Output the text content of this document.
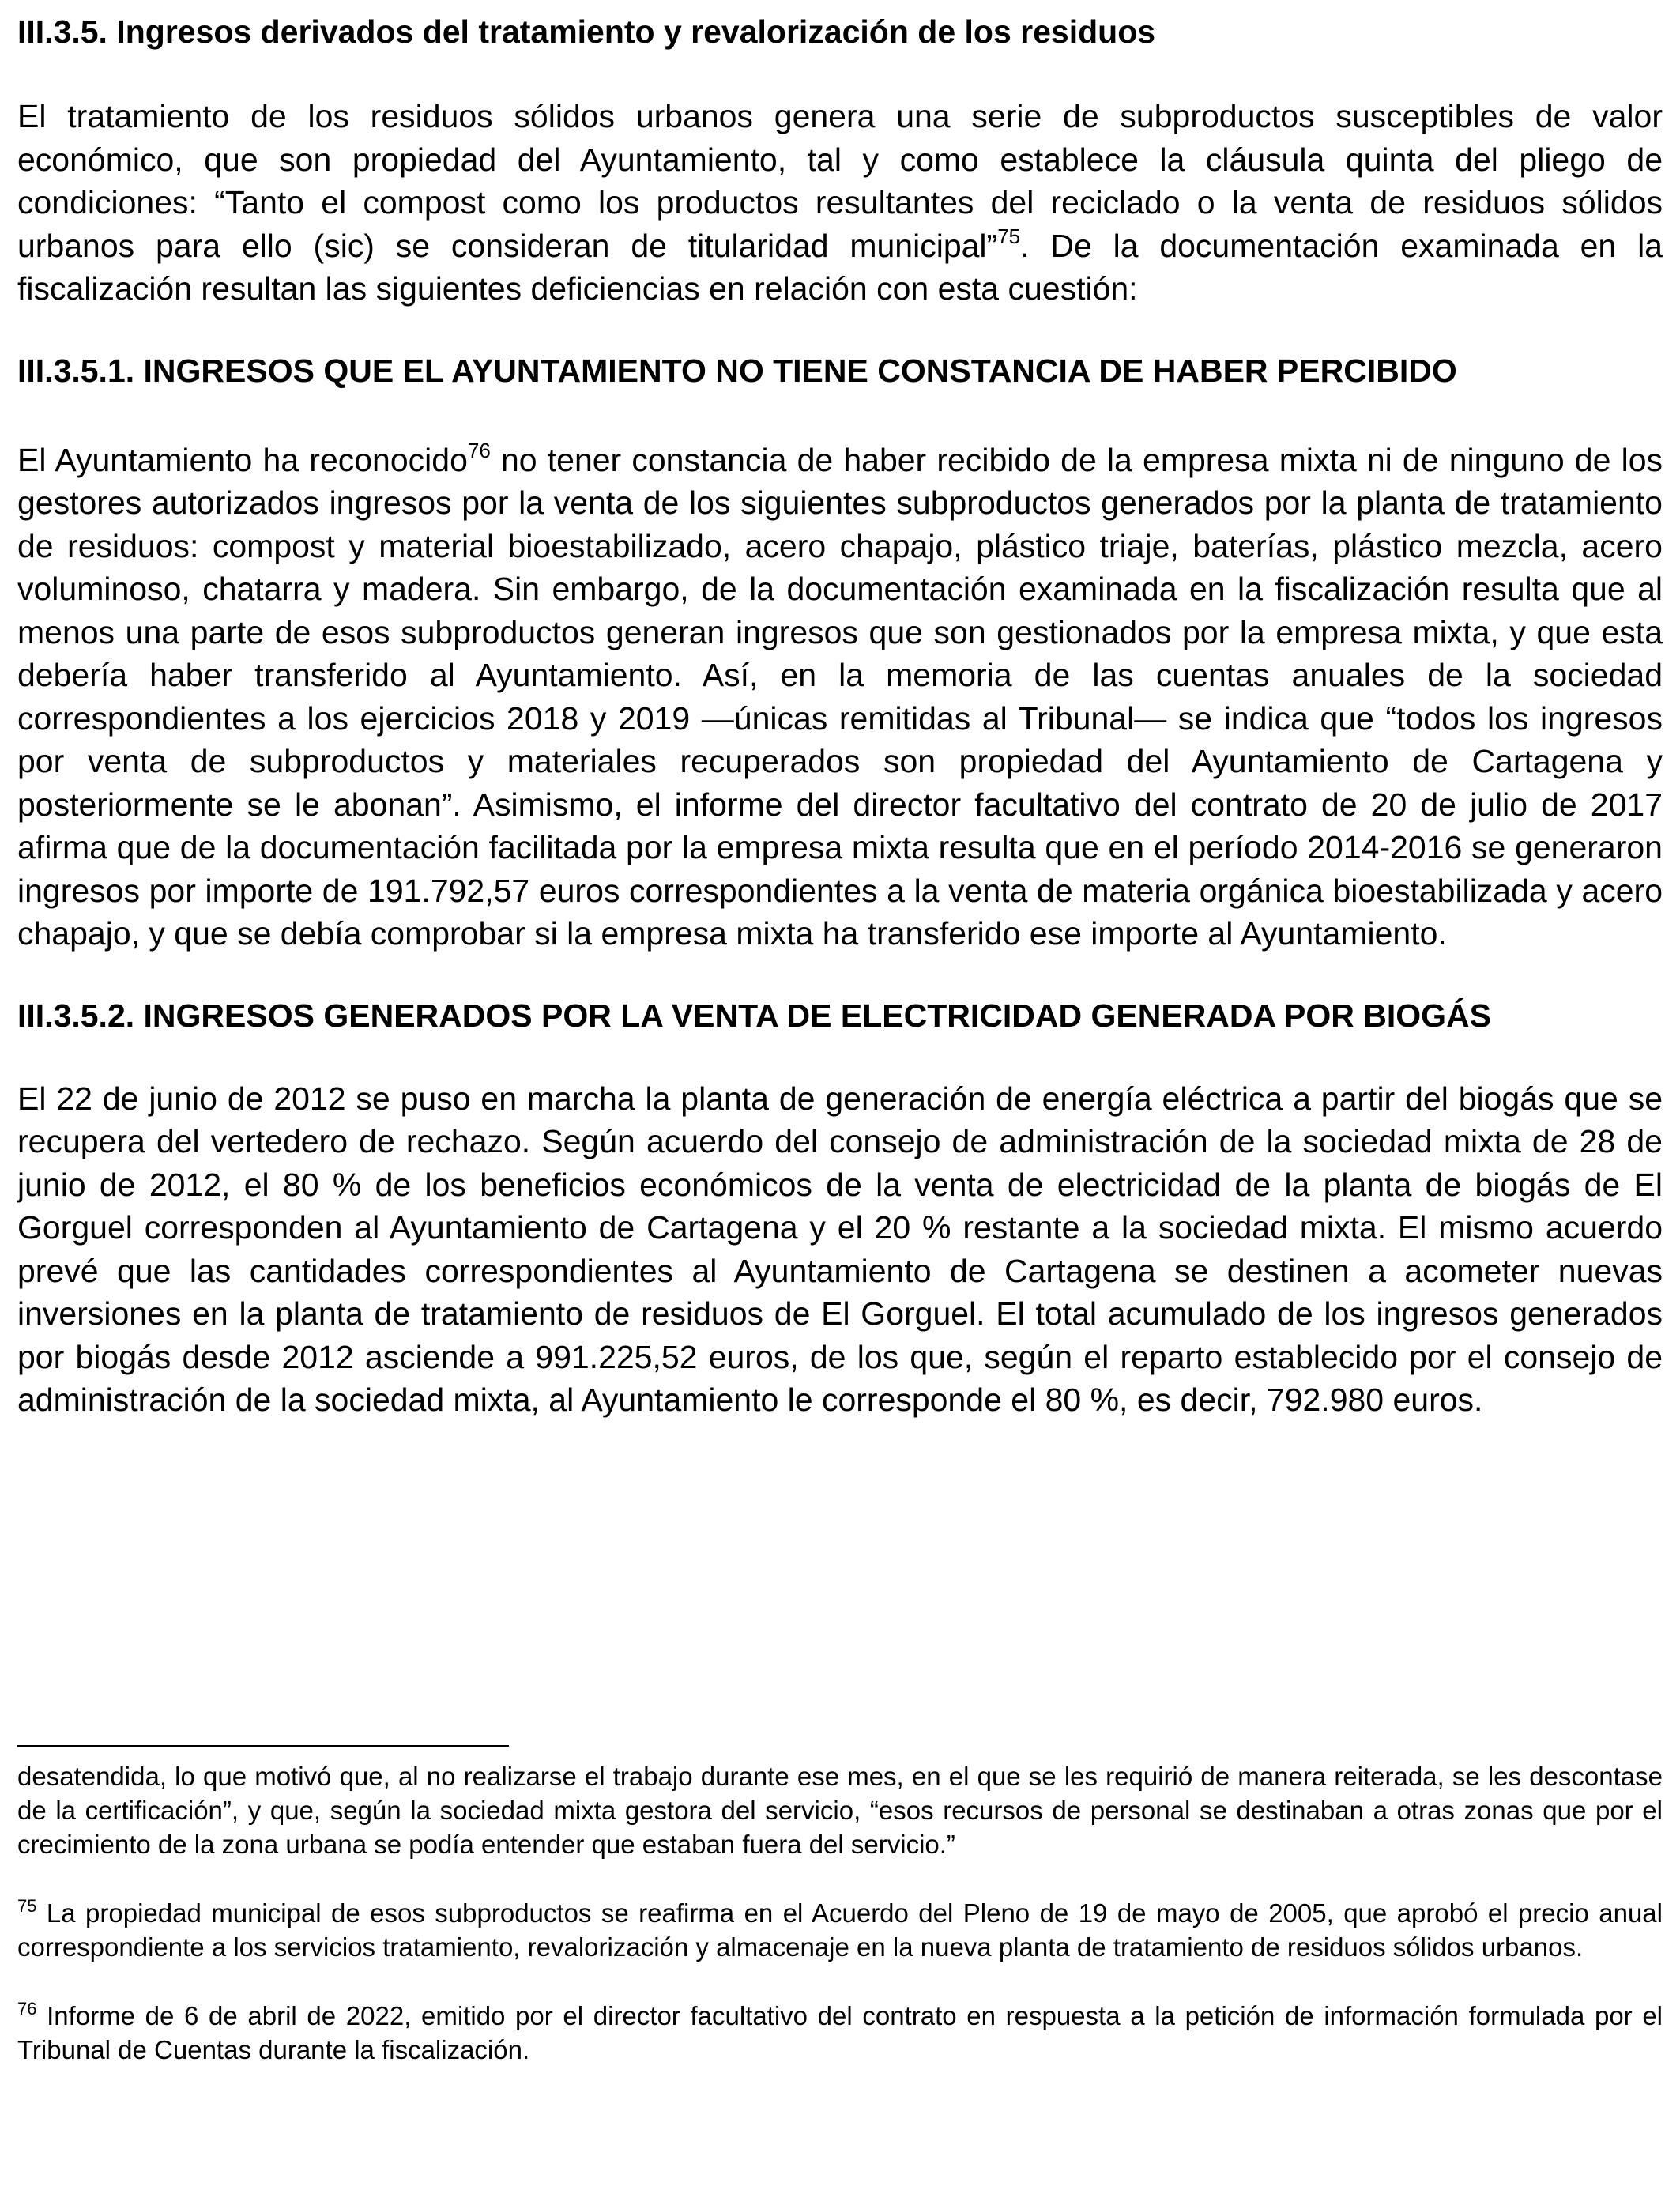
III.3.5. Ingresos derivados del tratamiento y revalorización de los residuos

El tratamiento de los residuos sólidos urbanos genera una serie de subproductos susceptibles de valor económico, que son propiedad del Ayuntamiento, tal y como establece la cláusula quinta del pliego de condiciones: “Tanto el compost como los productos resultantes del reciclado o la venta de residuos sólidos urbanos para ello (sic) se consideran de titularidad municipal”$^{75}$. De la documentación examinada en la fiscalización resultan las siguientes deficiencias en relación con esta cuestión:

III.3.5.1. INGRESOS QUE EL AYUNTAMIENTO NO TIENE CONSTANCIA DE HABER PERCIBIDO

El Ayuntamiento ha reconocido$^{76}$ no tener constancia de haber recibido de la empresa mixta ni de ninguno de los gestores autorizados ingresos por la venta de los siguientes subproductos generados por la planta de tratamiento de residuos: compost y material bioestabilizado, acero chapajo, plástico triaje, baterías, plástico mezcla, acero voluminoso, chatarra y madera. Sin embargo, de la documentación examinada en la fiscalización resulta que al menos una parte de esos subproductos generan ingresos que son gestionados por la empresa mixta, y que esta debería haber transferido al Ayuntamiento. Así, en la memoria de las cuentas anuales de la sociedad correspondientes a los ejercicios 2018 y 2019 —únicas remitidas al Tribunal— se indica que “todos los ingresos por venta de subproductos y materiales recuperados son propiedad del Ayuntamiento de Cartagena y posteriormente se le abonan”. Asimismo, el informe del director facultativo del contrato de 20 de julio de 2017 afirma que de la documentación facilitada por la empresa mixta resulta que en el período 2014-2016 se generaron ingresos por importe de 191.792,57 euros correspondientes a la venta de materia orgánica bioestabilizada y acero chapajo, y que se debía comprobar si la empresa mixta ha transferido ese importe al Ayuntamiento.

III.3.5.2. INGRESOS GENERADOS POR LA VENTA DE ELECTRICIDAD GENERADA POR BIOGÁS

El 22 de junio de 2012 se puso en marcha la planta de generación de energía eléctrica a partir del biogás que se recupera del vertedero de rechazo. Según acuerdo del consejo de administración de la sociedad mixta de 28 de junio de 2012, el 80 % de los beneficios económicos de la venta de electricidad de la planta de biogás de El Gorguel corresponden al Ayuntamiento de Cartagena y el 20 % restante a la sociedad mixta. El mismo acuerdo prevé que las cantidades correspondientes al Ayuntamiento de Cartagena se destinen a acometer nuevas inversiones en la planta de tratamiento de residuos de El Gorguel. El total acumulado de los ingresos generados por biogás desde 2012 asciende a 991.225,52 euros, de los que, según el reparto establecido por el consejo de administración de la sociedad mixta, al Ayuntamiento le corresponde el 80 %, es decir, 792.980 euros.

desatendida, lo que motivó que, al no realizarse el trabajo durante ese mes, en el que se les requirió de manera reiterada, se les descontase de la certificación”, y que, según la sociedad mixta gestora del servicio, “esos recursos de personal se destinaban a otras zonas que por el crecimiento de la zona urbana se podía entender que estaban fuera del servicio.”

$^{75}$ La propiedad municipal de esos subproductos se reafirma en el Acuerdo del Pleno de 19 de mayo de 2005, que aprobó el precio anual correspondiente a los servicios tratamiento, revalorización y almacenaje en la nueva planta de tratamiento de residuos sólidos urbanos.

$^{76}$ Informe de 6 de abril de 2022, emitido por el director facultativo del contrato en respuesta a la petición de información formulada por el Tribunal de Cuentas durante la fiscalización.
